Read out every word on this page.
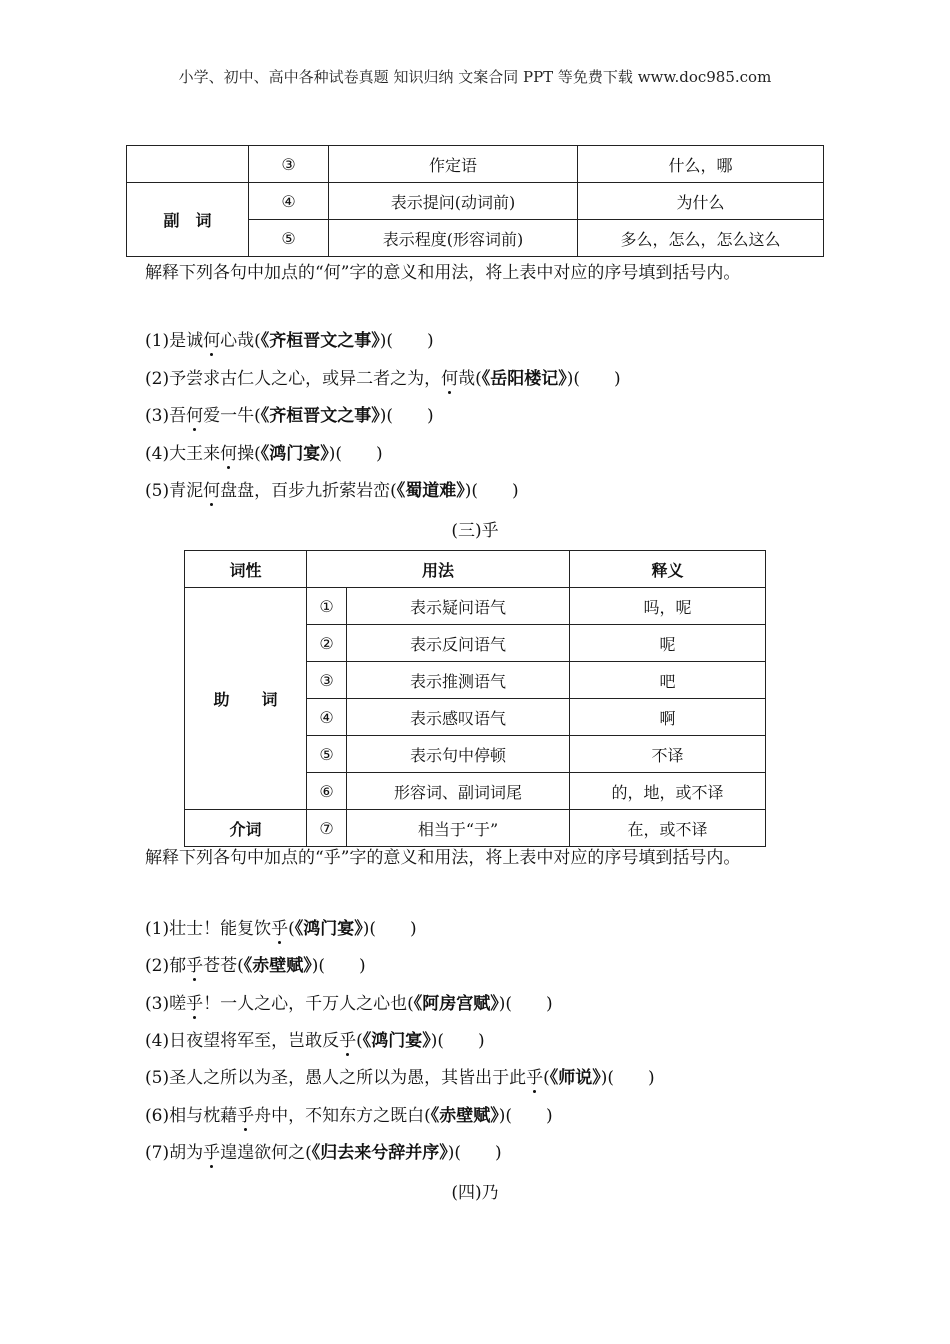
小学、初中、高中各种试卷真题 知识归纳 文案合同 PPT 等免费下载 www.doc985.com
	③	作定语	什么，哪
副　词	④	表示提问(动词前)	为什么
	⑤	表示程度(形容词前)	多么，怎么，怎么这么
解释下列各句中加点的“何”字的意义和用法，将上表中对应的序号填到括号内。
(1)是诚何心哉(《齐桓晋文之事》)(　　)
(2)予尝求古仁人之心，或异二者之为，何哉(《岳阳楼记》)(　　)
(3)吾何爱一牛(《齐桓晋文之事》)(　　)
(4)大王来何操(《鸿门宴》)(　　)
(5)青泥何盘盘，百步九折萦岩峦(《蜀道难》)(　　)
(三)乎
词性	用法		释义
助　　词	①	表示疑问语气	吗，呢
	②	表示反问语气	呢
	③	表示推测语气	吧
	④	表示感叹语气	啊
	⑤	表示句中停顿	不译
	⑥	形容词、副词词尾	的，地，或不译
介词	⑦	相当于“于”	在，或不译
解释下列各句中加点的“乎”字的意义和用法，将上表中对应的序号填到括号内。
(1)壮士！能复饮乎(《鸿门宴》)(　　)
(2)郁乎苍苍(《赤壁赋》)(　　)
(3)嗟乎！一人之心，千万人之心也(《阿房宫赋》)(　　)
(4)日夜望将军至，岂敢反乎(《鸿门宴》)(　　)
(5)圣人之所以为圣，愚人之所以为愚，其皆出于此乎(《师说》)(　　)
(6)相与枕藉乎舟中，不知东方之既白(《赤壁赋》)(　　)
(7)胡为乎遑遑欲何之(《归去来兮辞并序》)(　　)
(四)乃
